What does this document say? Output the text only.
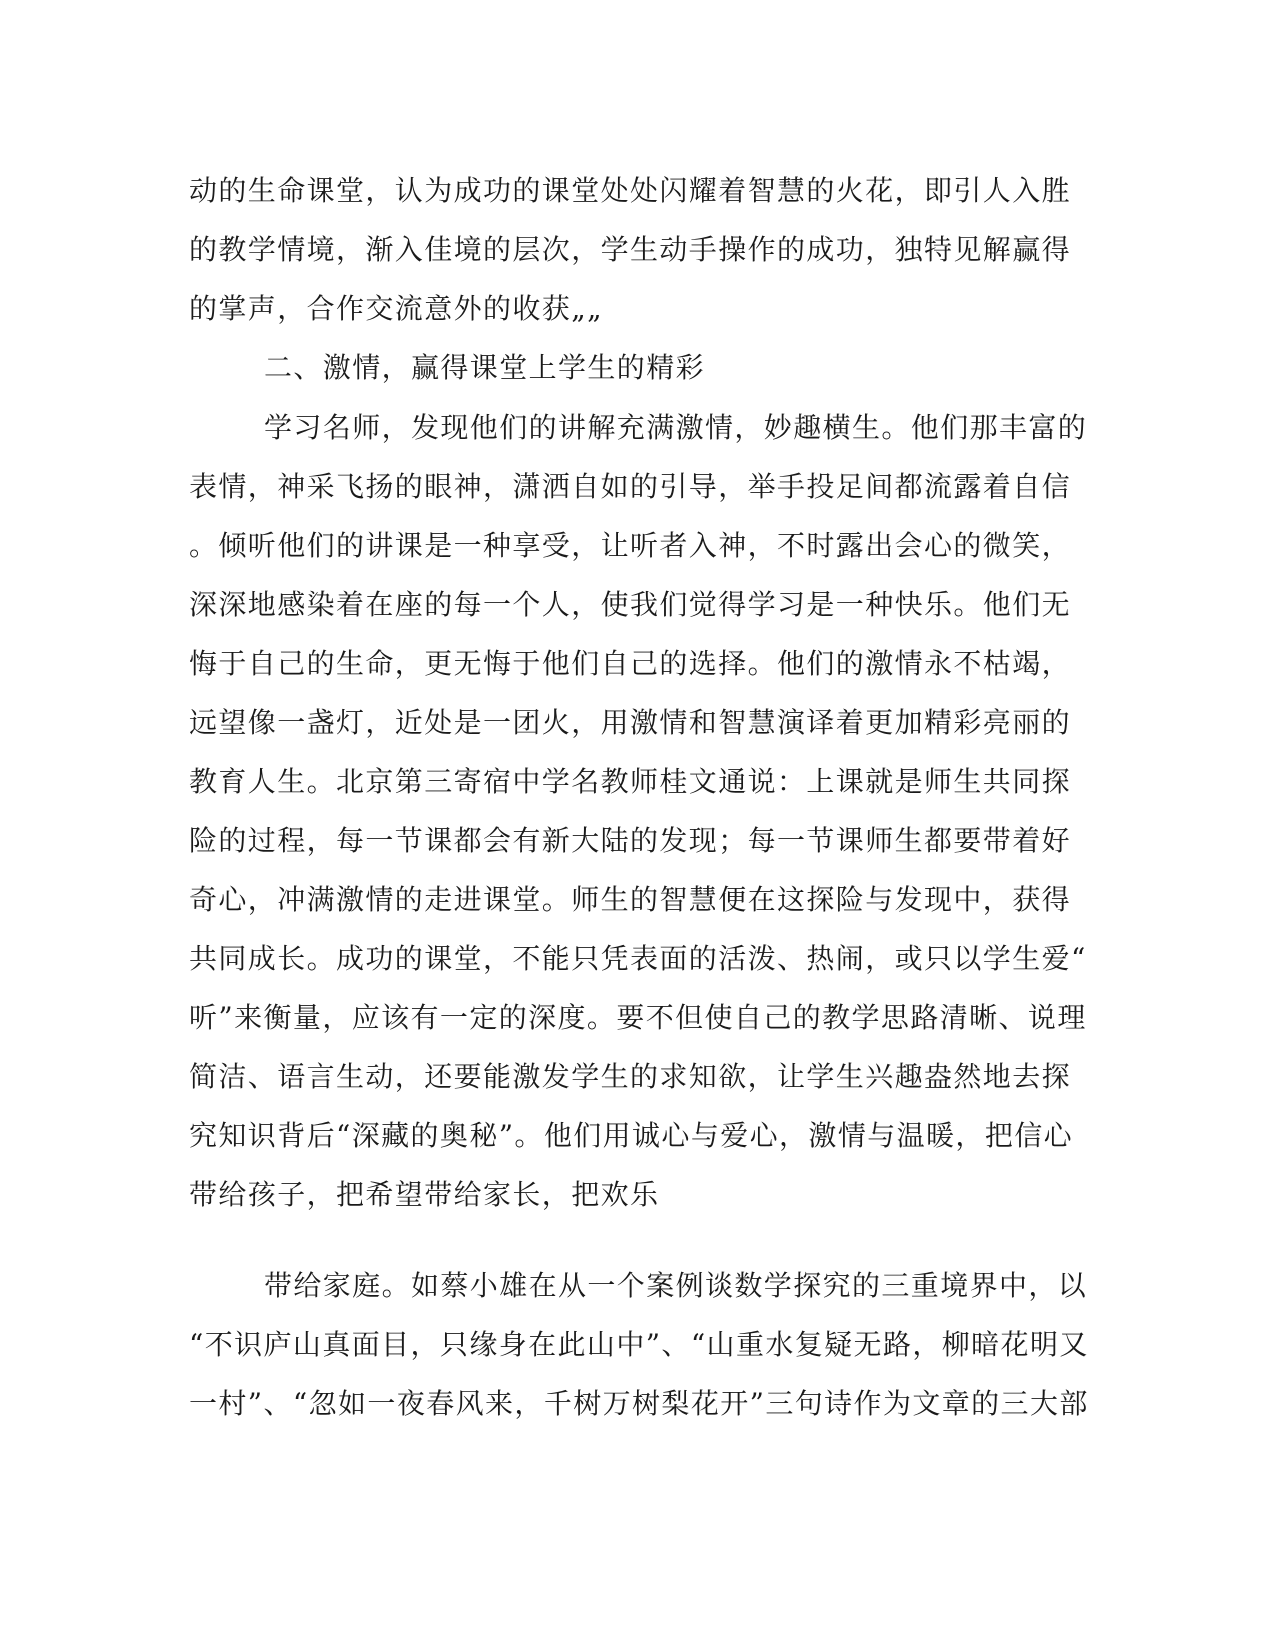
动的生命课堂，认为成功的课堂处处闪耀着智慧的火花，即引人入胜
的教学情境，渐入佳境的层次，学生动手操作的成功，独特见解赢得
的掌声，合作交流意外的收获„„
二、激情，赢得课堂上学生的精彩
学习名师，发现他们的讲解充满激情，妙趣横生。他们那丰富的
表情，神采飞扬的眼神，潇洒自如的引导，举手投足间都流露着自信
。倾听他们的讲课是一种享受，让听者入神，不时露出会心的微笑，
深深地感染着在座的每一个人，使我们觉得学习是一种快乐。他们无
悔于自己的生命，更无悔于他们自己的选择。他们的激情永不枯竭，
远望像一盏灯，近处是一团火，用激情和智慧演译着更加精彩亮丽的
教育人生。北京第三寄宿中学名教师桂文通说：上课就是师生共同探
险的过程，每一节课都会有新大陆的发现；每一节课师生都要带着好
奇心，冲满激情的走进课堂。师生的智慧便在这探险与发现中，获得
共同成长。成功的课堂，不能只凭表面的活泼、热闹，或只以学生爱“
听”来衡量，应该有一定的深度。要不但使自己的教学思路清晰、说理
简洁、语言生动，还要能激发学生的求知欲，让学生兴趣盎然地去探
究知识背后“深藏的奥秘”。他们用诚心与爱心，激情与温暖，把信心
带给孩子，把希望带给家长，把欢乐
带给家庭。如蔡小雄在从一个案例谈数学探究的三重境界中，以
“不识庐山真面目，只缘身在此山中”、“山重水复疑无路，柳暗花明又
一村”、“忽如一夜春风来，千树万树梨花开”三句诗作为文章的三大部
